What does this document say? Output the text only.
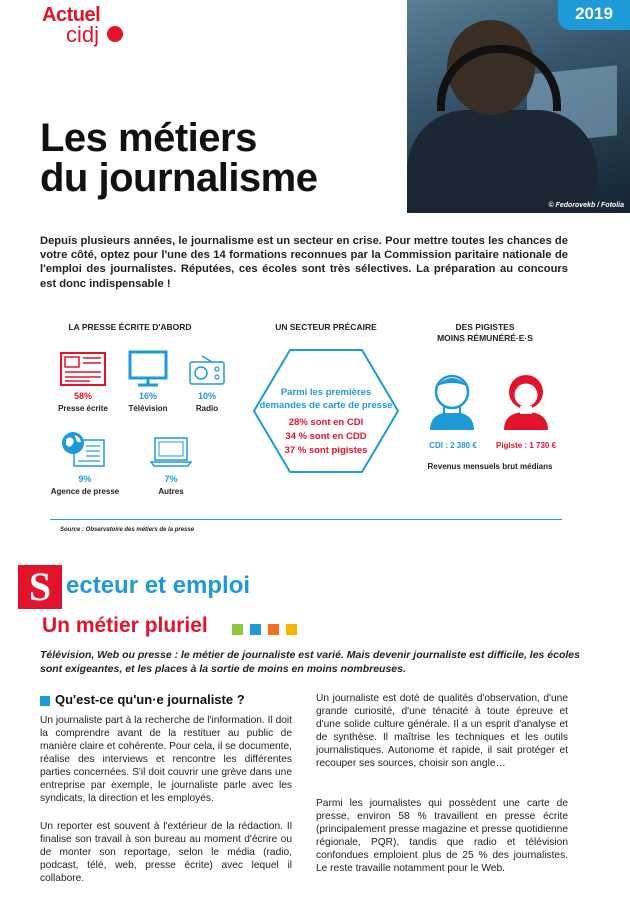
Actuel
cidj
2019
© Fedorovekb / Fotolia
Les métiers
du journalisme
Depuis plusieurs années, le journalisme est un secteur en crise. Pour mettre toutes les chances de votre côté, optez pour l'une des 14 formations reconnues par la Commission paritaire nationale de l'emploi des journalistes. Réputées, ces écoles sont très sélectives. La préparation au concours est donc indispensable !
LA PRESSE ÉCRITE D'ABORD
58%
Presse écrite
16%
Télévision
10%
Radio
9%
Agence de presse
7%
Autres
UN SECTEUR PRÉCAIRE
Parmi les premières
demandes de carte de presse
28% sont en CDI
34 % sont en CDD
37 % sont pigistes
DES PIGISTES
MOINS RÉMUNÉRÉ·E·S
CDI : 2 380 €	Pigiste : 1 730 €
Revenus mensuels brut médians
Source : Observatoire des métiers de la presse
S ecteur et emploi
Un métier pluriel
Télévision, Web ou presse : le métier de journaliste est varié. Mais devenir journaliste est difficile, les écoles sont exigeantes, et les places à la sortie de moins en moins nombreuses.
Qu'est-ce qu'un·e journaliste ?
Un journaliste part à la recherche de l'information. Il doit la comprendre avant de la restituer au public de manière claire et cohérente. Pour cela, il se documente, réalise des interviews et rencontre les différentes parties concernées. S'il doit couvrir une grève dans une entreprise par exemple, le journaliste parle avec les syndicats, la direction et les employés.
Un reporter est souvent à l'extérieur de la rédaction. Il finalise son travail à son bureau au moment d'écrire ou de monter son reportage, selon le média (radio, podcast, télé, web, presse écrite) avec lequel il collabore.
Un journaliste est doté de qualités d'observation, d'une grande curiosité, d'une ténacité à toute épreuve et d'une solide culture générale. Il a un esprit d'analyse et de synthèse. Il maîtrise les techniques et les outils journalistiques. Autonome et rapide, il sait protéger et recouper ses sources, choisir son angle…
Parmi les journalistes qui possèdent une carte de presse, environ 58 % travaillent en presse écrite (principalement presse magazine et presse quotidienne régionale, PQR), tandis que radio et télévision confondues emploient plus de 25 % des journalistes. Le reste travaille notamment pour le Web.
